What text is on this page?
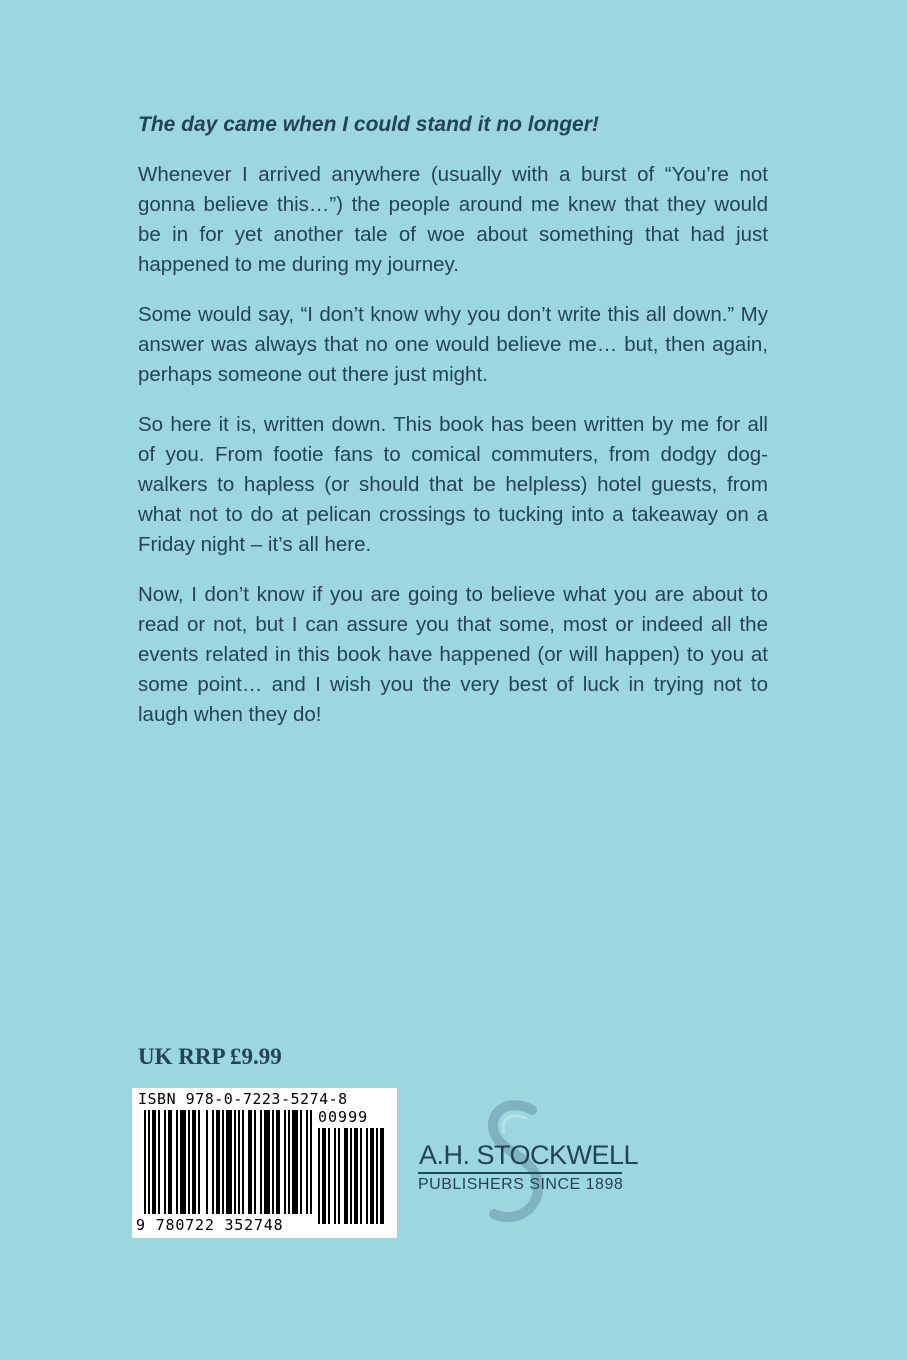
The day came when I could stand it no longer!

Whenever I arrived anywhere (usually with a burst of “You’re not gonna believe this…”) the people around me knew that they would be in for yet another tale of woe about something that had just happened to me during my journey.

Some would say, “I don’t know why you don’t write this all down.” My answer was always that no one would believe me… but, then again, perhaps someone out there just might.

So here it is, written down. This book has been written by me for all of you. From footie fans to comical commuters, from dodgy dog-walkers to hapless (or should that be helpless) hotel guests, from what not to do at pelican crossings to tucking into a takeaway on a Friday night – it’s all here.

Now, I don’t know if you are going to believe what you are about to read or not, but I can assure you that some, most or indeed all the events related in this book have happened (or will happen) to you at some point… and I wish you the very best of luck in trying not to laugh when they do!

UK RRP £9.99
ISBN 978-0-7223-5274-8
00999
9 780722 352748
A.H. STOCKWELL
PUBLISHERS SINCE 1898
